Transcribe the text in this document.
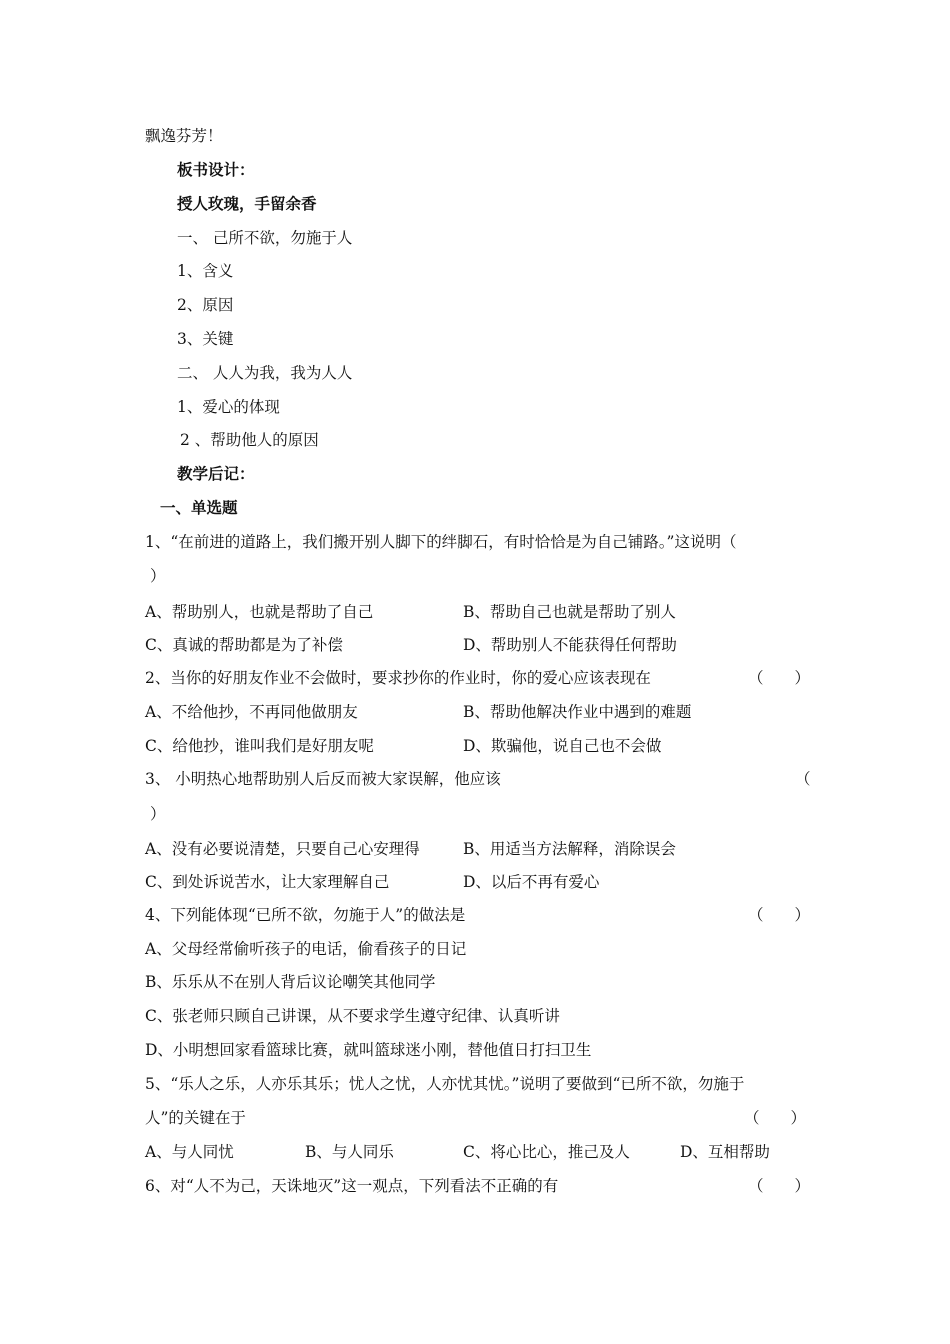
飘逸芬芳！
板书设计：
授人玫瑰，手留余香
一、 己所不欲，勿施于人
1、含义
2、原因
3、关键
二、 人人为我，我为人人
1、爱心的体现
2 、帮助他人的原因
教学后记：
一、单选题
1、“在前进的道路上，我们搬开别人脚下的绊脚石，有时恰恰是为自己铺路。”这说明（
）
A、帮助别人，也就是帮助了自己	B、帮助自己也就是帮助了别人
C、真诚的帮助都是为了补偿	D、帮助别人不能获得任何帮助
2、当你的好朋友作业不会做时，要求抄你的作业时，你的爱心应该表现在	（　　）
A、不给他抄，不再同他做朋友	B、帮助他解决作业中遇到的难题
C、给他抄，谁叫我们是好朋友呢	D、欺骗他，说自己也不会做
3、 小明热心地帮助别人后反而被大家误解，他应该	（
）
A、没有必要说清楚，只要自己心安理得	B、用适当方法解释，消除误会
C、到处诉说苦水，让大家理解自己	D、以后不再有爱心
4、下列能体现“已所不欲，勿施于人”的做法是	（　　）
A、父母经常偷听孩子的电话，偷看孩子的日记
B、乐乐从不在别人背后议论嘲笑其他同学
C、张老师只顾自己讲课，从不要求学生遵守纪律、认真听讲
D、小明想回家看篮球比赛，就叫篮球迷小刚，替他值日打扫卫生
5、“乐人之乐，人亦乐其乐；忧人之忧，人亦忧其忧。”说明了要做到“已所不欲，勿施于
人”的关键在于	（　　）
A、与人同忧	B、与人同乐	C、将心比心，推己及人	D、互相帮助
6、对“人不为己，天诛地灭”这一观点，下列看法不正确的有	（　　）
